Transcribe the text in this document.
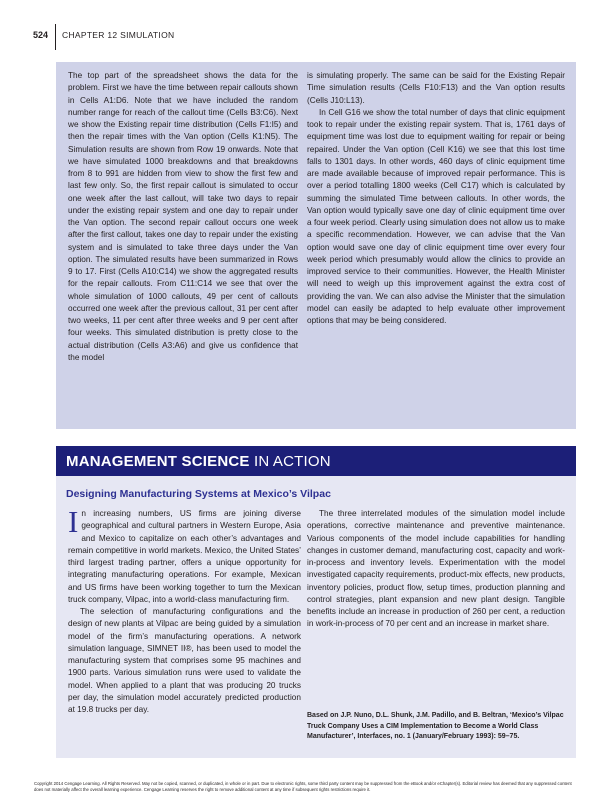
524 CHAPTER 12 SIMULATION

The top part of the spreadsheet shows the data for the problem. First we have the time between repair callouts shown in Cells A1:D6. Note that we have included the random number range for reach of the callout time (Cells B3:C6). Next we show the Existing repair time distribution (Cells F1:I5) and then the repair times with the Van option (Cells K1:N5). The Simulation results are shown from Row 19 onwards. Note that we have simulated 1000 breakdowns and that breakdowns from 8 to 991 are hidden from view to show the first few and last few only. So, the first repair callout is simulated to occur one week after the last callout, will take two days to repair under the existing repair system and one day to repair under the Van option. The second repair callout occurs one week after the first callout, takes one day to repair under the existing system and is simulated to take three days under the Van option. The simulated results have been summarized in Rows 9 to 17. First (Cells A10:C14) we show the aggregated results for the repair callouts. From C11:C14 we see that over the whole simulation of 1000 callouts, 49 per cent of callouts occurred one week after the previous callout, 31 per cent after two weeks, 11 per cent after three weeks and 9 per cent after four weeks. This simulated distribution is pretty close to the actual distribution (Cells A3:A6) and give us confidence that the model

is simulating properly. The same can be said for the Existing Repair Time simulation results (Cells F10:F13) and the Van option results (Cells J10:L13).

In Cell G16 we show the total number of days that clinic equipment took to repair under the existing repair system. That is, 1761 days of equipment time was lost due to equipment waiting for repair or being repaired. Under the Van option (Cell K16) we see that this lost time falls to 1301 days. In other words, 460 days of clinic equipment time are made available because of improved repair performance. This is over a period totalling 1800 weeks (Cell C17) which is calculated by summing the simulated Time between callouts. In other words, the Van option would typically save one day of clinic equipment time over a four week period. Clearly using simulation does not allow us to make a specific recommendation. However, we can advise that the Van option would save one day of clinic equipment time over every four week period which presumably would allow the clinics to provide an improved service to their communities. However, the Health Minister will need to weigh up this improvement against the extra cost of providing the van. We can also advise the Minister that the simulation model can easily be adapted to help evaluate other improvement options that may be being considered.

MANAGEMENT SCIENCE IN ACTION
Designing Manufacturing Systems at Mexico’s Vilpac

In increasing numbers, US firms are joining diverse geographical and cultural partners in Western Europe, Asia and Mexico to capitalize on each other’s advantages and remain competitive in world markets. Mexico, the United States’ third largest trading partner, offers a unique opportunity for integrating manufacturing operations. For example, Mexican and US firms have been working together to turn the Mexican truck company, Vilpac, into a world-class manufacturing firm.

The selection of manufacturing configurations and the design of new plants at Vilpac are being guided by a simulation model of the firm’s manufacturing operations. A network simulation language, SIMNET II®, has been used to model the manufacturing system that comprises some 95 machines and 1900 parts. Various simulation runs were used to validate the model. When applied to a plant that was producing 20 trucks per day, the simulation model accurately predicted production at 19.8 trucks per day.

The three interrelated modules of the simulation model include operations, corrective maintenance and preventive maintenance. Various components of the model include capabilities for handling changes in customer demand, manufacturing cost, capacity and work-in-process and inventory levels. Experimentation with the model investigated capacity requirements, product-mix effects, new products, inventory policies, product flow, setup times, production planning and control strategies, plant expansion and new plant design. Tangible benefits include an increase in production of 260 per cent, a reduction in work-in-process of 70 per cent and an increase in market share.

Based on J.P. Nuno, D.L. Shunk, J.M. Padillo, and B. Beltran, ‘Mexico’s Vilpac Truck Company Uses a CIM Implementation to Become a World Class Manufacturer’, Interfaces, no. 1 (January/February 1993): 59–75.
Copyright 2014 Cengage Learning. All Rights Reserved. May not be copied, scanned, or duplicated, in whole or in part. Due to electronic rights, some third party content may be suppressed from the eBook and/or eChapter(s). Editorial review has deemed that any suppressed content does not materially affect the overall learning experience. Cengage Learning reserves the right to remove additional content at any time if subsequent rights restrictions require it.
